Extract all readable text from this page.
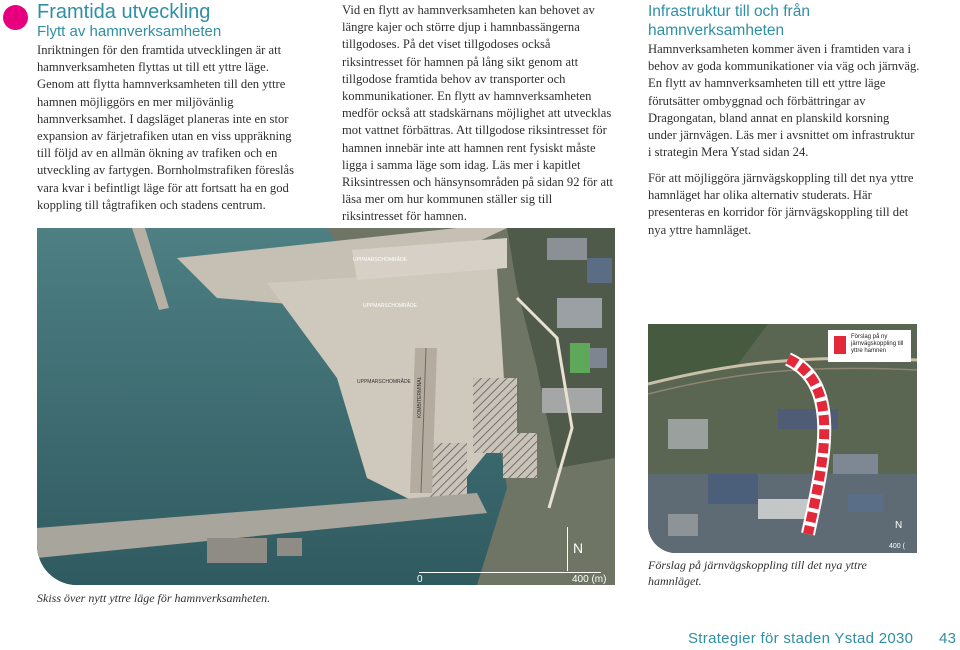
Framtida utveckling
Flytt av hamnverksamheten
Inriktningen för den framtida utvecklingen är att hamnverksamheten flyttas ut till ett yttre läge. Genom att flytta hamnverksamheten till den yttre hamnen möjliggörs en mer miljövänlig hamnverksamhet. I dagsläget planeras inte en stor expansion av färjetrafiken utan en viss uppräkning till följd av en allmän ökning av trafiken och en utveckling av fartygen. Bornholmstrafiken föreslås vara kvar i befintligt läge för att fortsatt ha en god koppling till tågtrafiken och stadens centrum.
Vid en flytt av hamnverksamheten kan behovet av längre kajer och större djup i hamnbassängerna tillgodoses. På det viset tillgodoses också riksintresset för hamnen på lång sikt genom att tillgodose framtida behov av transporter och kommunikationer. En flytt av hamnverksamheten medför också att stadskärnans möjlighet att utvecklas mot vattnet förbättras. Att tillgodose riksintresset för hamnen innebär inte att hamnen rent fysiskt måste ligga i samma läge som idag. Läs mer i kapitlet Riksintressen och hänsynsområden på sidan 92 för att läsa mer om hur kommunen ställer sig till riksintresset för hamnen.
Infrastruktur till och från hamnverksamheten
Hamnverksamheten kommer även i framtiden vara i behov av goda kommunikationer via väg och järnväg. En flytt av hamnverksamheten till ett yttre läge förutsätter ombyggnad och förbättringar av Dragongatan, bland annat en planskild korsning under järnvägen. Läs mer i avsnittet om infrastruktur i strategin Mera Ystad sidan 24.
För att möjliggöra järnvägskoppling till det nya yttre hamnläget har olika alternativ studerats. Här presenteras en korridor för järnvägskoppling till det nya yttre hamnläget.
UPPMARSCHOMRÅDE
UPPMARSCHOMRÅDE
UPPMARSCHOMRÅDE KOMBITERMINAL
N
0	400 (m)
Skiss över nytt yttre läge för hamnverksamheten.
Förslag på ny järnvägskoppling till yttre hamnen
N
400 (
Förslag på järnvägskoppling till det nya yttre hamnläget.
Strategier för staden Ystad 2030 43
